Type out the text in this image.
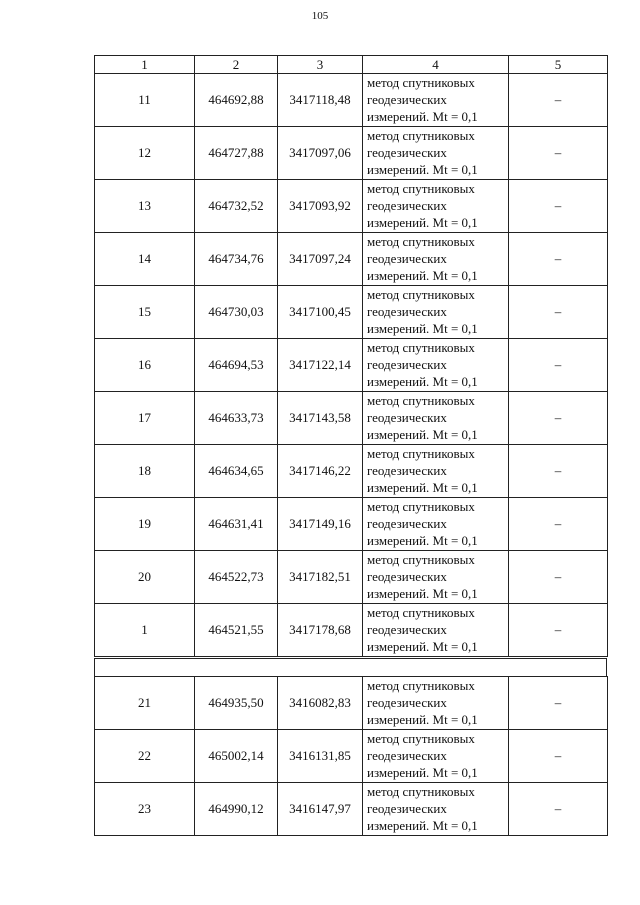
105
1	2	3	4	5
11	464692,88	3417118,48	метод спутниковых
геодезических
измерений. Mt = 0,1	–
12	464727,88	3417097,06	метод спутниковых
геодезических
измерений. Mt = 0,1	–
13	464732,52	3417093,92	метод спутниковых
геодезических
измерений. Mt = 0,1	–
14	464734,76	3417097,24	метод спутниковых
геодезических
измерений. Mt = 0,1	–
15	464730,03	3417100,45	метод спутниковых
геодезических
измерений. Mt = 0,1	–
16	464694,53	3417122,14	метод спутниковых
геодезических
измерений. Mt = 0,1	–
17	464633,73	3417143,58	метод спутниковых
геодезических
измерений. Mt = 0,1	–
18	464634,65	3417146,22	метод спутниковых
геодезических
измерений. Mt = 0,1	–
19	464631,41	3417149,16	метод спутниковых
геодезических
измерений. Mt = 0,1	–
20	464522,73	3417182,51	метод спутниковых
геодезических
измерений. Mt = 0,1	–
1	464521,55	3417178,68	метод спутниковых
геодезических
измерений. Mt = 0,1	–
21	464935,50	3416082,83	метод спутниковых
геодезических
измерений. Mt = 0,1	–
22	465002,14	3416131,85	метод спутниковых
геодезических
измерений. Mt = 0,1	–
23	464990,12	3416147,97	метод спутниковых
геодезических
измерений. Mt = 0,1	–
